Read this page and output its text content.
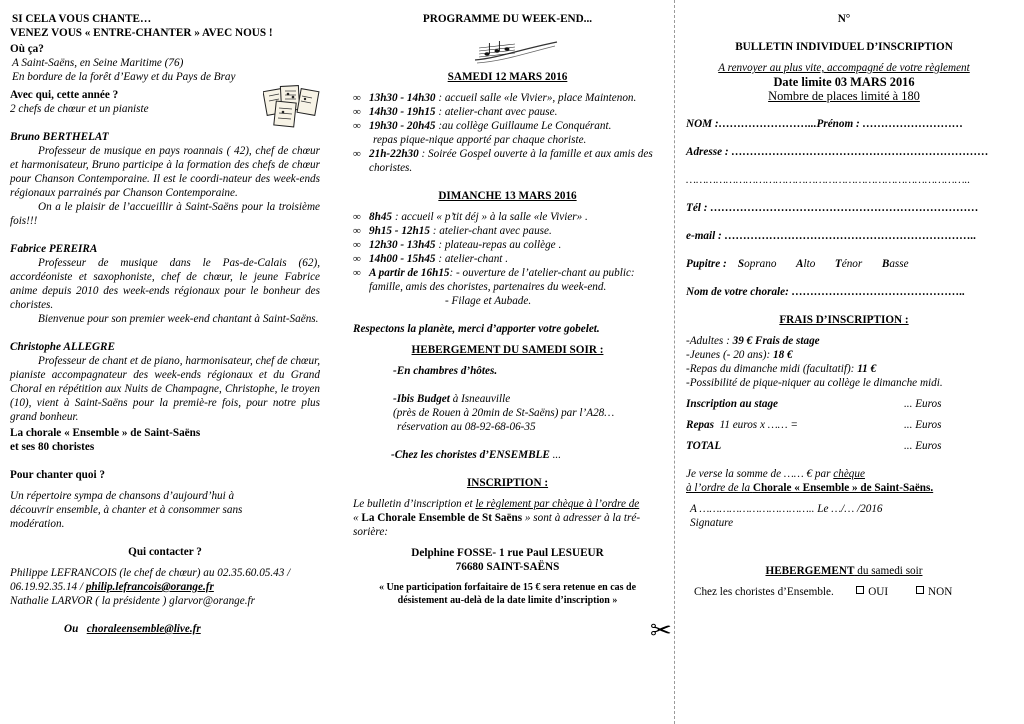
SI CELA VOUS CHANTE…

VENEZ VOUS « ENTRE-CHANTER » AVEC NOUS !

Où ça?

A Saint-Saëns, en Seine Maritime (76)

En bordure de la forêt d’Eawy et du Pays de Bray

Avec qui, cette année ?

2 chefs de chœur et un pianiste

Bruno BERTHELAT

Professeur de musique en pays roannais ( 42), chef de chœur et harmonisateur, Bruno participe à la formation des chefs de chœur pour Chanson Contemporaine. Il est le coordi-nateur des week-ends régionaux parrainés par Chanson Contemporaine.

On a le plaisir de l’accueillir à Saint-Saëns pour la troisième fois!!!

Fabrice PEREIRA

Professeur de musique dans le Pas-de-Calais (62), accordéoniste et saxophoniste, chef de chœur, le jeune Fabrice anime depuis 2010 des week-ends régionaux pour le bonheur des choristes.

Bienvenue pour son premier week-end chantant à Saint-Saëns.

Christophe ALLEGRE

Professeur de chant et de piano, harmonisateur, chef de chœur, pianiste accompagnateur des week-ends régionaux et du Grand Choral en répétition aux Nuits de Champagne, Christophe, le troyen (10), vient à Saint-Saëns pour la premiè-re fois, pour notre plus grand bonheur.

La chorale « Ensemble » de Saint-Saëns

et ses 80 choristes

Pour chanter quoi ?

Un répertoire sympa de chansons d’aujourd’hui à découvrir ensemble, à chanter et à consommer sans modération.

Qui contacter ?

Philippe LEFRANCOIS (le chef de chœur) au 02.35.60.05.43 / 06.19.92.35.14 / philip.lefrancois@orange.fr

Nathalie LARVOR ( la présidente ) glarvor@orange.fr

Ou choraleensemble@live.fr

PROGRAMME DU WEEK-END...

SAMEDI 12 MARS 2016

∞ 13h30 - 14h30 : accueil salle «le Vivier», place Maintenon.
∞ 14h30 - 19h15 : atelier-chant avec pause.
∞ 19h30 - 20h45 :au collège Guillaume Le Conquérant.
repas pique-nique apporté par chaque choriste.
∞ 21h-22h30 : Soirée Gospel ouverte à la famille et aux amis des choristes.

DIMANCHE 13 MARS 2016

∞ 8h45 : accueil « p’tit déj » à la salle «le Vivier» .
∞ 9h15 - 12h15 : atelier-chant avec pause.
∞ 12h30 - 13h45 : plateau-repas au collège .
∞ 14h00 - 15h45 : atelier-chant .
∞ A partir de 16h15: - ouverture de l’atelier-chant au public: famille, amis des choristes, partenaires du week-end.
- Filage et Aubade.

Respectons la planète, merci d’apporter votre gobelet.

HEBERGEMENT DU SAMEDI SOIR :

-En chambres d’hôtes.

-Ibis Budget à Isneauville

(près de Rouen à 20min de St-Saëns) par l’A28…

réservation au 08-92-68-06-35

-Chez les choristes d’ENSEMBLE ...

INSCRIPTION :

Le bulletin d’inscription et le règlement par chèque à l’ordre de
« La Chorale Ensemble de St Saëns » sont à adresser à la tré-sorière:

Delphine FOSSE- 1 rue Paul LESUEUR

76680 SAINT-SAËNS

« Une participation forfaitaire de 15 € sera retenue en cas de désistement au-delà de la date limite d’inscription »

N°

BULLETIN INDIVIDUEL D’INSCRIPTION

A renvoyer au plus vite, accompagné de votre règlement

Date limite 03 MARS 2016

Nombre de places limité à 180

NOM :……………………...Prénom : ………………………

Adresse : ……………………………………………………………

…………………………………………………………………………..

Tél : ………………………………………………………………

e-mail : …………………………………………………………..

Pupitre : Soprano Alto Ténor Basse

Nom de votre chorale: ………………………………………..

FRAIS D’INSCRIPTION :

-Adultes : 39 € Frais de stage

-Jeunes (- 20 ans): 18 €

-Repas du dimanche midi (facultatif): 11 €

-Possibilité de pique-niquer au collège le dimanche midi.

Inscription au stage	... Euros
Repas 11 euros x …… =	... Euros
TOTAL	... Euros

Je verse la somme de …… € par chèque

à l’ordre de la Chorale « Ensemble » de Saint-Saëns.

A …………………………….. Le …/… /2016

Signature

HEBERGEMENT du samedi soir

Chez les choristes d’Ensemble.	OUI	NON

✂
